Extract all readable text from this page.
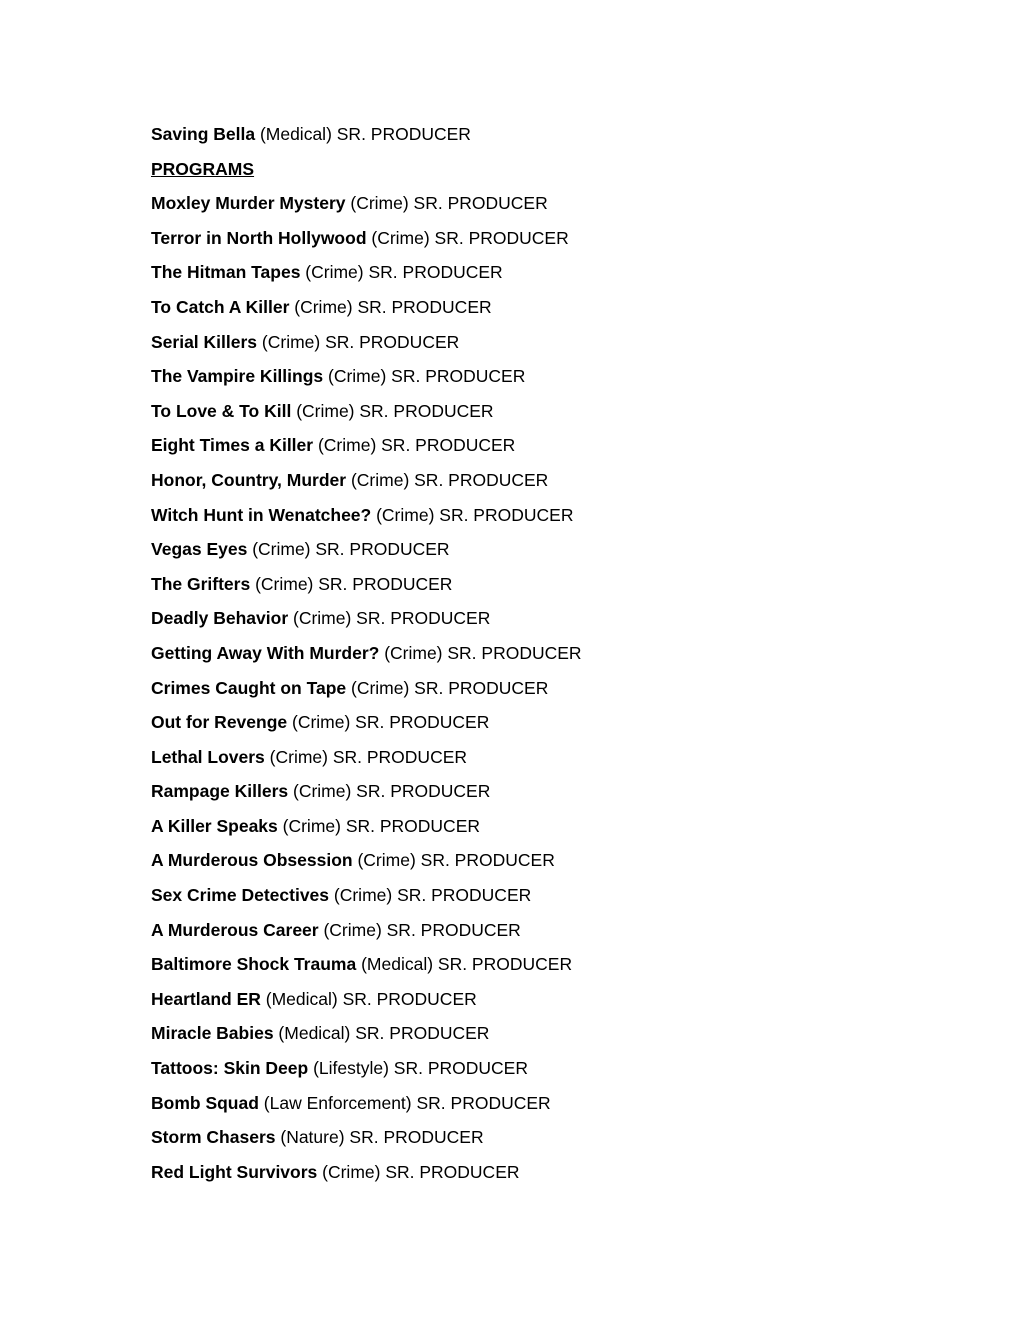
Saving Bella (Medical) SR. PRODUCER
PROGRAMS
Moxley Murder Mystery (Crime) SR. PRODUCER
Terror in North Hollywood (Crime) SR. PRODUCER
The Hitman Tapes (Crime) SR. PRODUCER
To Catch A Killer (Crime) SR. PRODUCER
Serial Killers (Crime) SR. PRODUCER
The Vampire Killings (Crime) SR. PRODUCER
To Love & To Kill (Crime) SR. PRODUCER
Eight Times a Killer (Crime) SR. PRODUCER
Honor, Country, Murder (Crime) SR. PRODUCER
Witch Hunt in Wenatchee? (Crime) SR. PRODUCER
Vegas Eyes (Crime) SR. PRODUCER
The Grifters (Crime) SR. PRODUCER
Deadly Behavior (Crime) SR. PRODUCER
Getting Away With Murder? (Crime) SR. PRODUCER
Crimes Caught on Tape (Crime) SR. PRODUCER
Out for Revenge (Crime) SR. PRODUCER
Lethal Lovers (Crime) SR. PRODUCER
Rampage Killers (Crime) SR. PRODUCER
A Killer Speaks (Crime) SR. PRODUCER
A Murderous Obsession (Crime) SR. PRODUCER
Sex Crime Detectives (Crime) SR. PRODUCER
A Murderous Career (Crime) SR. PRODUCER
Baltimore Shock Trauma (Medical) SR. PRODUCER
Heartland ER (Medical) SR. PRODUCER
Miracle Babies (Medical) SR. PRODUCER
Tattoos: Skin Deep (Lifestyle) SR. PRODUCER
Bomb Squad (Law Enforcement) SR. PRODUCER
Storm Chasers (Nature) SR. PRODUCER
Red Light Survivors (Crime) SR. PRODUCER
